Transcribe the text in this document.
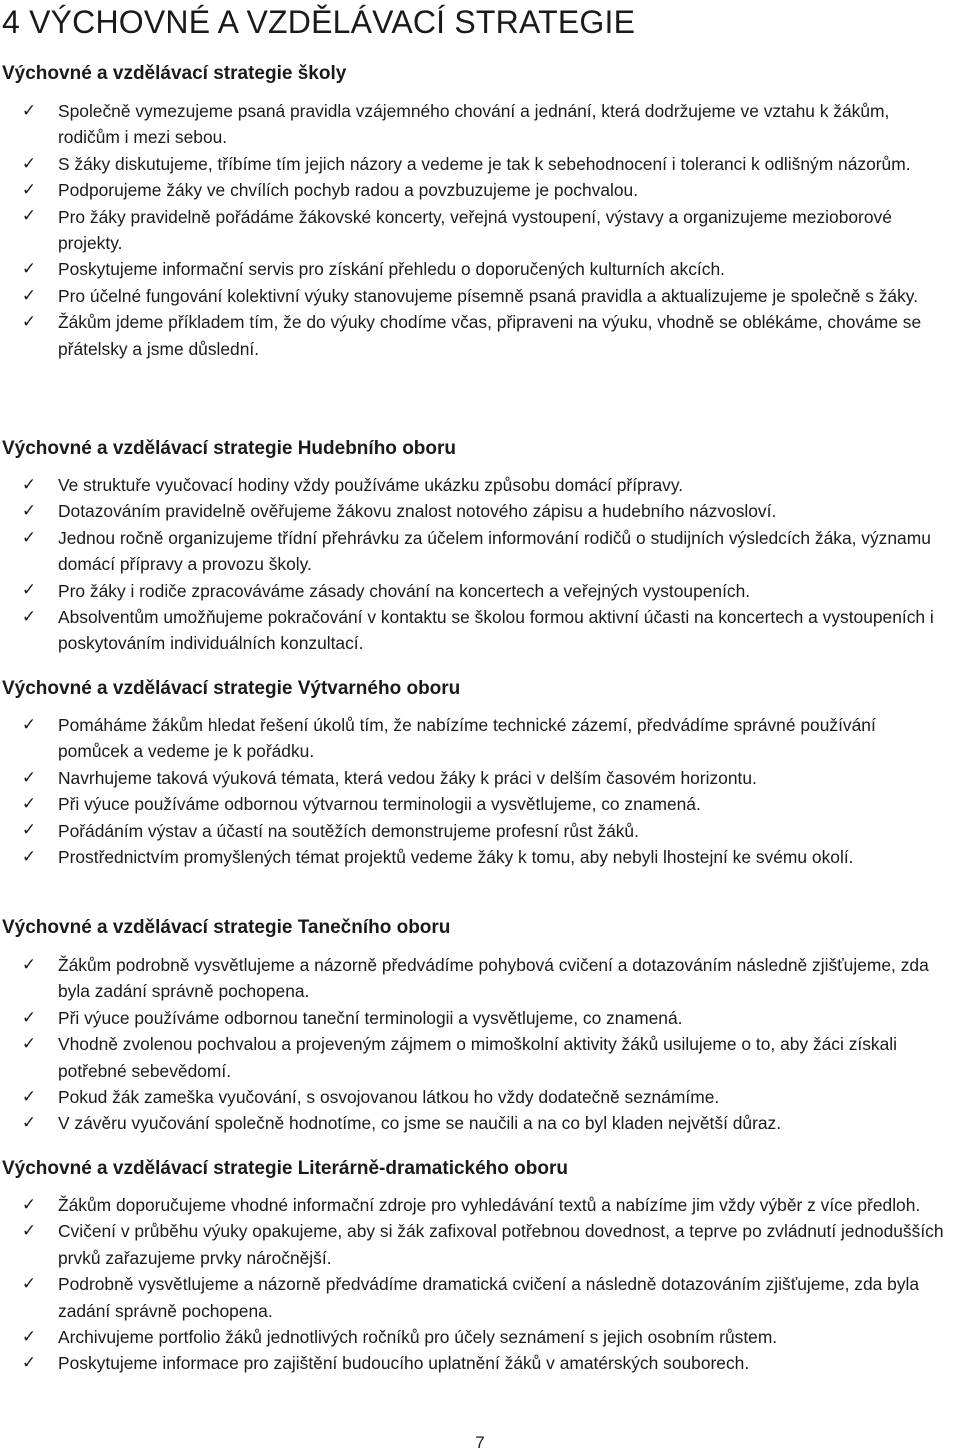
4 VÝCHOVNÉ A VZDĚLÁVACÍ STRATEGIE
Výchovné a vzdělávací strategie školy
✓ Společně vymezujeme psaná pravidla vzájemného chování a jednání, která dodržujeme ve vztahu k žákům, rodičům i mezi sebou.
✓ S žáky diskutujeme, tříbíme tím jejich názory a vedeme je tak k sebehodnocení i toleranci k odlišným názorům.
✓ Podporujeme žáky ve chvílích pochyb radou a povzbuzujeme je pochvalou.
✓ Pro žáky pravidelně pořádáme žákovské koncerty, veřejná vystoupení, výstavy a organizujeme mezioborové projekty.
✓ Poskytujeme informační servis pro získání přehledu o doporučených kulturních akcích.
✓ Pro účelné fungování kolektivní výuky stanovujeme písemně psaná pravidla a aktualizujeme je společně s žáky.
✓ Žákům jdeme příkladem tím, že do výuky chodíme včas, připraveni na výuku, vhodně se oblékáme, chováme se přátelsky a jsme důslední.
Výchovné a vzdělávací strategie Hudebního oboru
✓ Ve struktuře vyučovací hodiny vždy používáme ukázku způsobu domácí přípravy.
✓ Dotazováním pravidelně ověřujeme žákovu znalost notového zápisu a hudebního názvosloví.
✓ Jednou ročně organizujeme třídní přehrávku za účelem informování rodičů o studijních výsledcích žáka, významu domácí přípravy a provozu školy.
✓ Pro žáky i rodiče zpracováváme zásady chování na koncertech a veřejných vystoupeních.
✓ Absolventům umožňujeme pokračování v kontaktu se školou formou aktivní účasti na koncertech a vystoupeních i poskytováním individuálních konzultací.
Výchovné a vzdělávací strategie Výtvarného oboru
✓ Pomáháme žákům hledat řešení úkolů tím, že nabízíme technické zázemí, předvádíme správné používání pomůcek a vedeme je k pořádku.
✓ Navrhujeme taková výuková témata, která vedou žáky k práci v delším časovém horizontu.
✓ Při výuce používáme odbornou výtvarnou terminologii a vysvětlujeme, co znamená.
✓ Pořádáním výstav a účastí na soutěžích demonstrujeme profesní růst žáků.
✓ Prostřednictvím promyšlených témat projektů vedeme žáky k tomu, aby nebyli lhostejní ke svému okolí.
Výchovné a vzdělávací strategie Tanečního oboru
✓ Žákům podrobně vysvětlujeme a názorně předvádíme pohybová cvičení a dotazováním následně zjišťujeme, zda byla zadání správně pochopena.
✓ Při výuce používáme odbornou taneční terminologii a vysvětlujeme, co znamená.
✓ Vhodně zvolenou pochvalou a projeveným zájmem o mimoškolní aktivity žáků usilujeme o to, aby žáci získali potřebné sebevědomí.
✓ Pokud žák zameška vyučování, s osvojovanou látkou ho vždy dodatečně seznámíme.
✓ V závěru vyučování společně hodnotíme, co jsme se naučili a na co byl kladen největší důraz.
Výchovné a vzdělávací strategie Literárně-dramatického oboru
✓ Žákům doporučujeme vhodné informační zdroje pro vyhledávání textů a nabízíme jim vždy výběr z více předloh.
✓ Cvičení v průběhu výuky opakujeme, aby si žák zafixoval potřebnou dovednost, a teprve po zvládnutí jednodušších prvků zařazujeme prvky náročnější.
✓ Podrobně vysvětlujeme a názorně předvádíme dramatická cvičení a následně dotazováním zjišťujeme, zda byla zadání správně pochopena.
✓ Archivujeme portfolio žáků jednotlivých ročníků pro účely seznámení s jejich osobním růstem.
✓ Poskytujeme informace pro zajištění budoucího uplatnění žáků v amatérských souborech.
7
